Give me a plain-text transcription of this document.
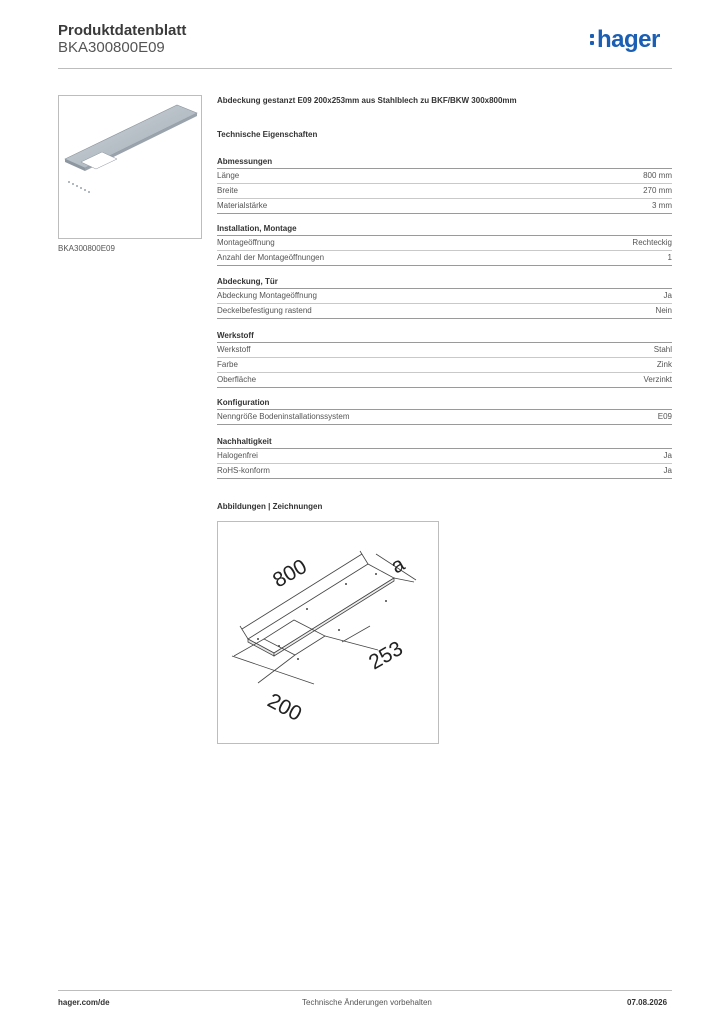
Produktdatenblatt
BKA300800E09	hager
BKA300800E09
Abdeckung gestanzt E09 200x253mm aus Stahlblech zu BKF/BKW 300x800mm
Technische Eigenschaften
Abmessungen
Länge	800 mm
Breite	270 mm
Materialstärke	3 mm
Installation, Montage
Montageöffnung	Rechteckig
Anzahl der Montageöffnungen	1
Abdeckung, Tür
Abdeckung Montageöffnung	Ja
Deckelbefestigung rastend	Nein
Werkstoff
Werkstoff	Stahl
Farbe	Zink
Oberfläche	Verzinkt
Konfiguration
Nenngröße Bodeninstallationssystem	E09
Nachhaltigkeit
Halogenfrei	Ja
RoHS-konform	Ja
Abbildungen | Zeichnungen
800	a
253
200
hager.com/de	Technische Änderungen vorbehalten	07.08.2026
